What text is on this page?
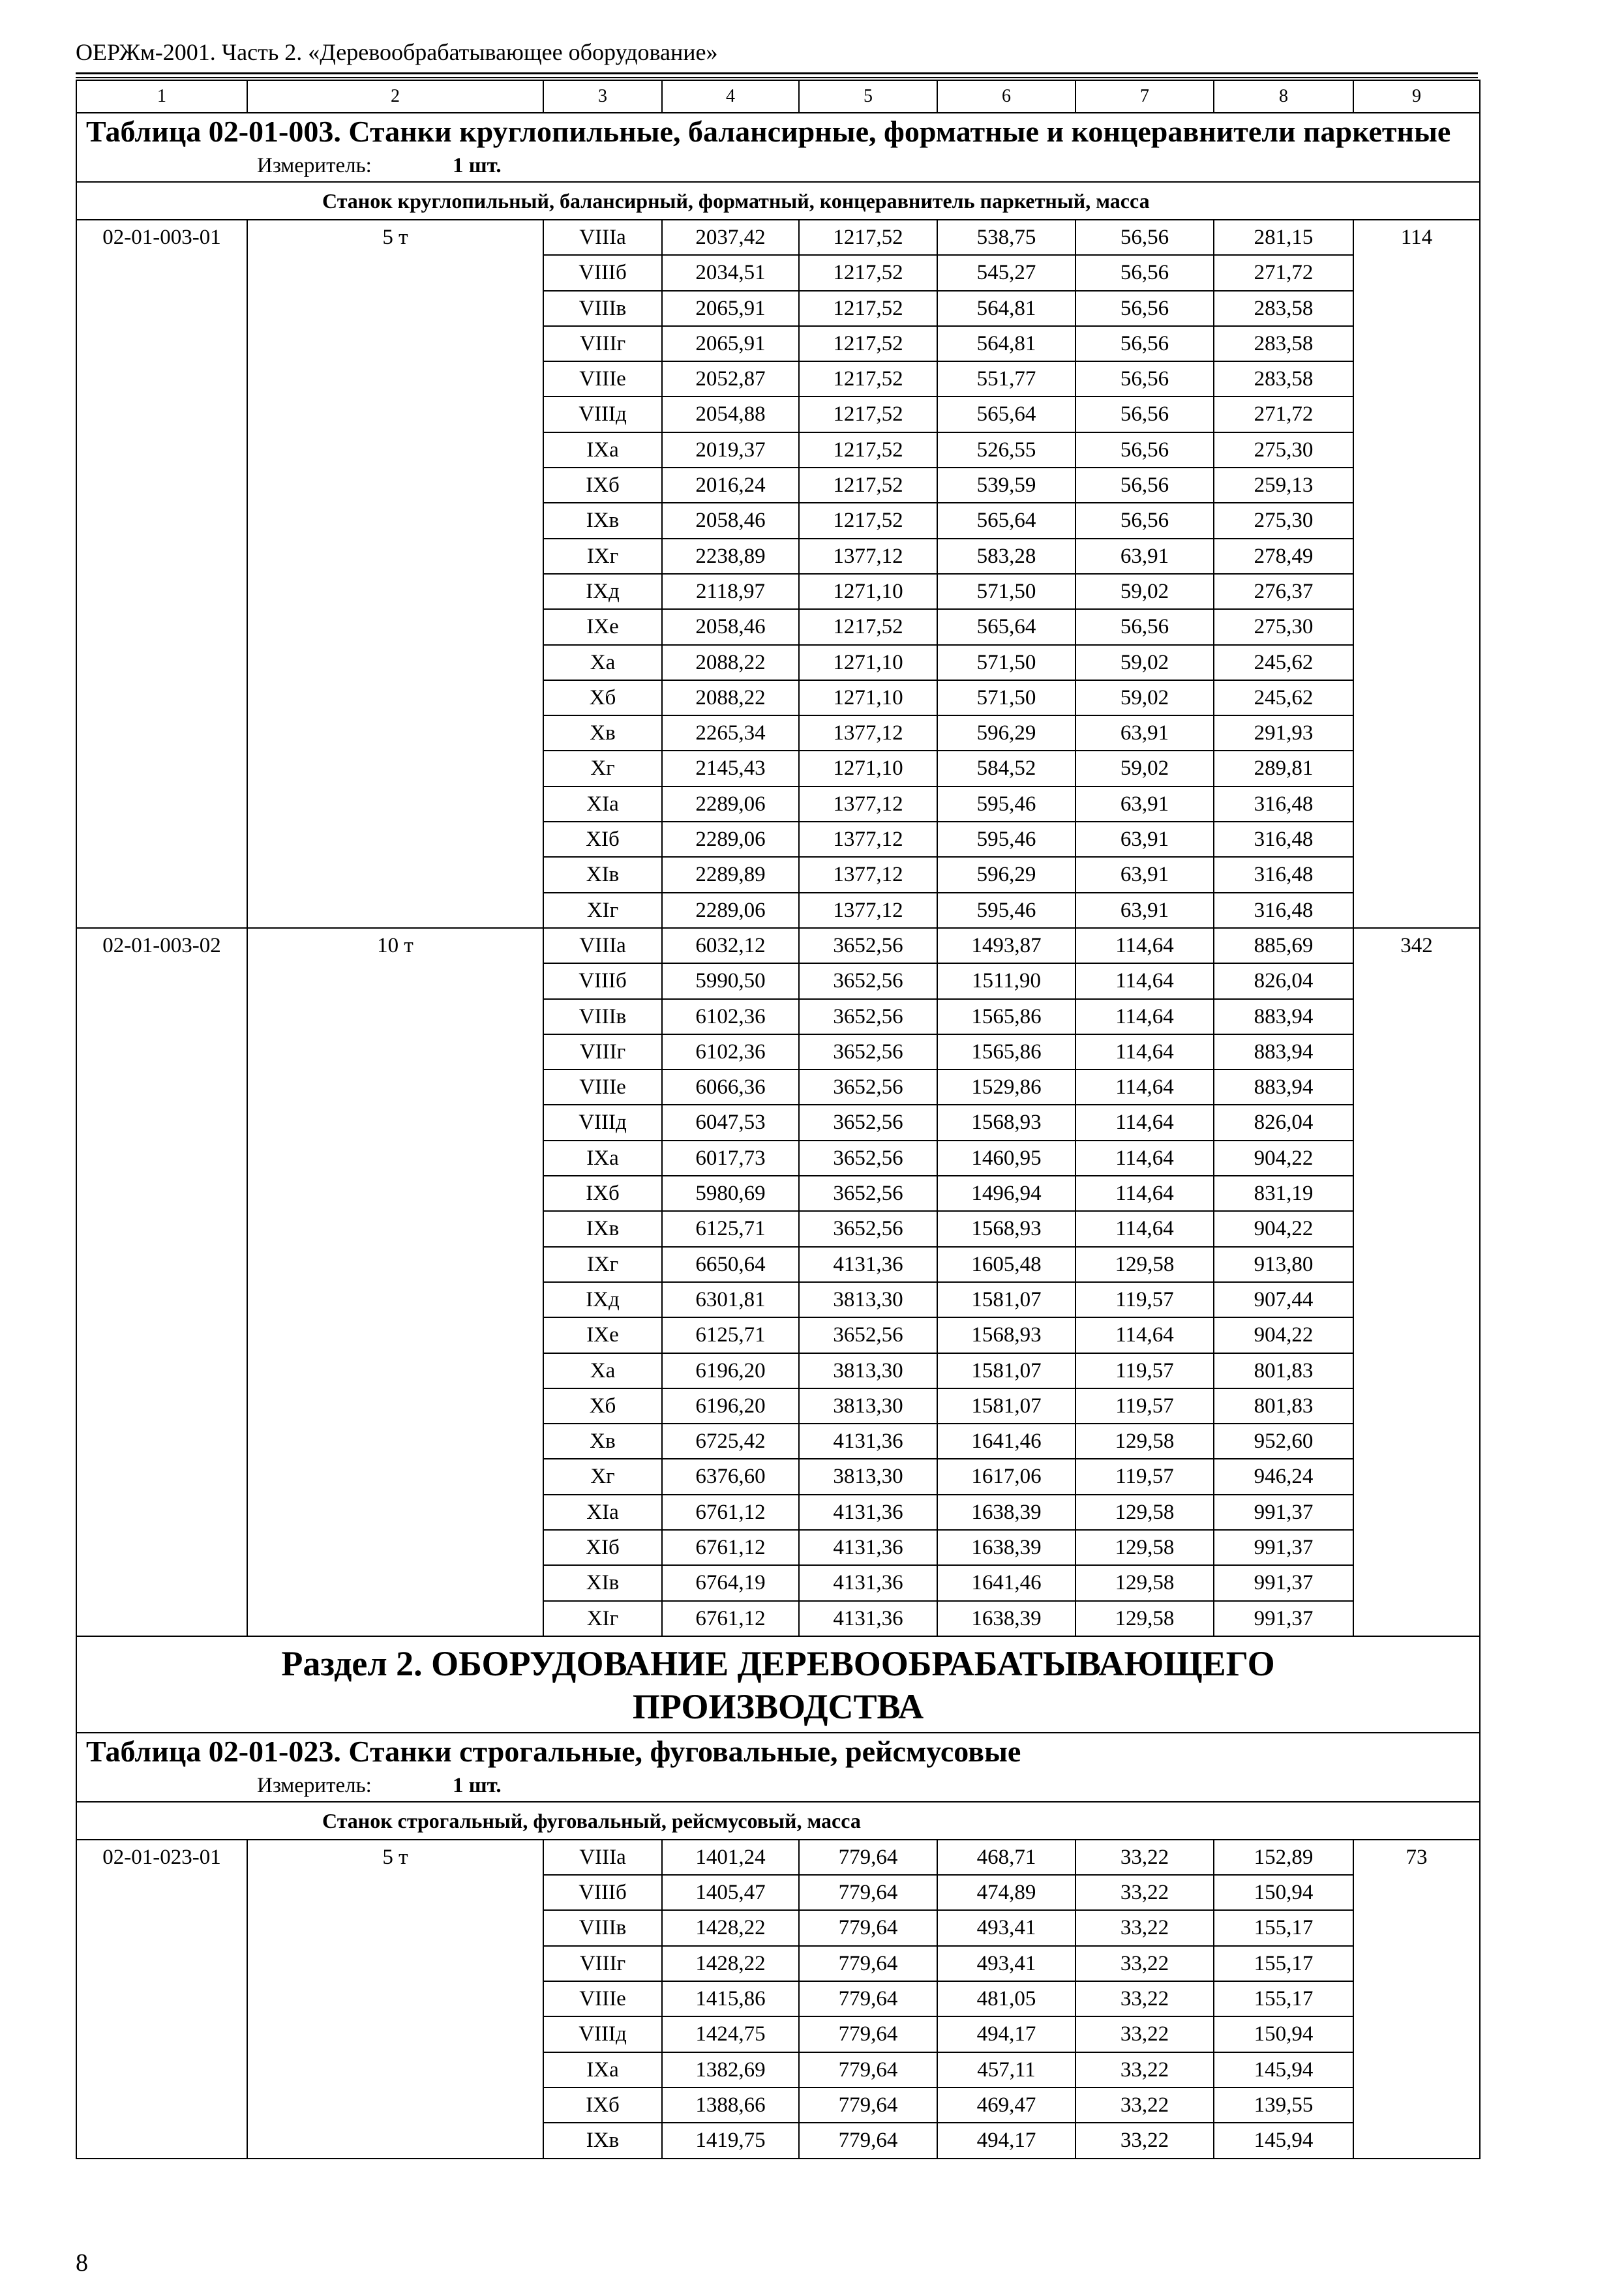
ОЕРЖм-2001. Часть 2. «Деревообрабатывающее оборудование»
1	2	3	4	5	6	7	8	9

Таблица 02-01-003. Станки круглопильные, балансирные, форматные и концеравнители паркетные
Измеритель: 1 шт.								

Станок круглопильный, балансирный, форматный, концеравнитель паркетный, масса								
02-01-003-01	5 т	VIIIа	2037,42	1217,52	538,75	56,56	281,15	114
		VIIIб	2034,51	1217,52	545,27	56,56	271,72	
		VIIIв	2065,91	1217,52	564,81	56,56	283,58	
		VIIIг	2065,91	1217,52	564,81	56,56	283,58	
		VIIIе	2052,87	1217,52	551,77	56,56	283,58	
		VIIIд	2054,88	1217,52	565,64	56,56	271,72	
		IXа	2019,37	1217,52	526,55	56,56	275,30	
		IXб	2016,24	1217,52	539,59	56,56	259,13	
		IXв	2058,46	1217,52	565,64	56,56	275,30	
		IXг	2238,89	1377,12	583,28	63,91	278,49	
		IXд	2118,97	1271,10	571,50	59,02	276,37	
		IXе	2058,46	1217,52	565,64	56,56	275,30	
		Xа	2088,22	1271,10	571,50	59,02	245,62	
		Xб	2088,22	1271,10	571,50	59,02	245,62	
		Xв	2265,34	1377,12	596,29	63,91	291,93	
		Xг	2145,43	1271,10	584,52	59,02	289,81	
		XIа	2289,06	1377,12	595,46	63,91	316,48	
		XIб	2289,06	1377,12	595,46	63,91	316,48	
		XIв	2289,89	1377,12	596,29	63,91	316,48	
		XIг	2289,06	1377,12	595,46	63,91	316,48	
02-01-003-02	10 т	VIIIа	6032,12	3652,56	1493,87	114,64	885,69	342
		VIIIб	5990,50	3652,56	1511,90	114,64	826,04	
		VIIIв	6102,36	3652,56	1565,86	114,64	883,94	
		VIIIг	6102,36	3652,56	1565,86	114,64	883,94	
		VIIIе	6066,36	3652,56	1529,86	114,64	883,94	
		VIIIд	6047,53	3652,56	1568,93	114,64	826,04	
		IXа	6017,73	3652,56	1460,95	114,64	904,22	
		IXб	5980,69	3652,56	1496,94	114,64	831,19	
		IXв	6125,71	3652,56	1568,93	114,64	904,22	
		IXг	6650,64	4131,36	1605,48	129,58	913,80	
		IXд	6301,81	3813,30	1581,07	119,57	907,44	
		IXе	6125,71	3652,56	1568,93	114,64	904,22	
		Xа	6196,20	3813,30	1581,07	119,57	801,83	
		Xб	6196,20	3813,30	1581,07	119,57	801,83	
		Xв	6725,42	4131,36	1641,46	129,58	952,60	
		Xг	6376,60	3813,30	1617,06	119,57	946,24	
		XIа	6761,12	4131,36	1638,39	129,58	991,37	
		XIб	6761,12	4131,36	1638,39	129,58	991,37	
		XIв	6764,19	4131,36	1641,46	129,58	991,37	
		XIг	6761,12	4131,36	1638,39	129,58	991,37	

Раздел 2. ОБОРУДОВАНИЕ ДЕРЕВООБРАБАТЫВАЮЩЕГО
ПРОИЗВОДСТВА								

Таблица 02-01-023. Станки строгальные, фуговальные, рейсмусовые
Измеритель: 1 шт.								

Станок строгальный, фуговальный, рейсмусовый, масса								
02-01-023-01	5 т	VIIIа	1401,24	779,64	468,71	33,22	152,89	73
		VIIIб	1405,47	779,64	474,89	33,22	150,94	
		VIIIв	1428,22	779,64	493,41	33,22	155,17	
		VIIIг	1428,22	779,64	493,41	33,22	155,17	
		VIIIе	1415,86	779,64	481,05	33,22	155,17	
		VIIIд	1424,75	779,64	494,17	33,22	150,94	
		IXа	1382,69	779,64	457,11	33,22	145,94	
		IXб	1388,66	779,64	469,47	33,22	139,55	
		IXв	1419,75	779,64	494,17	33,22	145,94	
8
